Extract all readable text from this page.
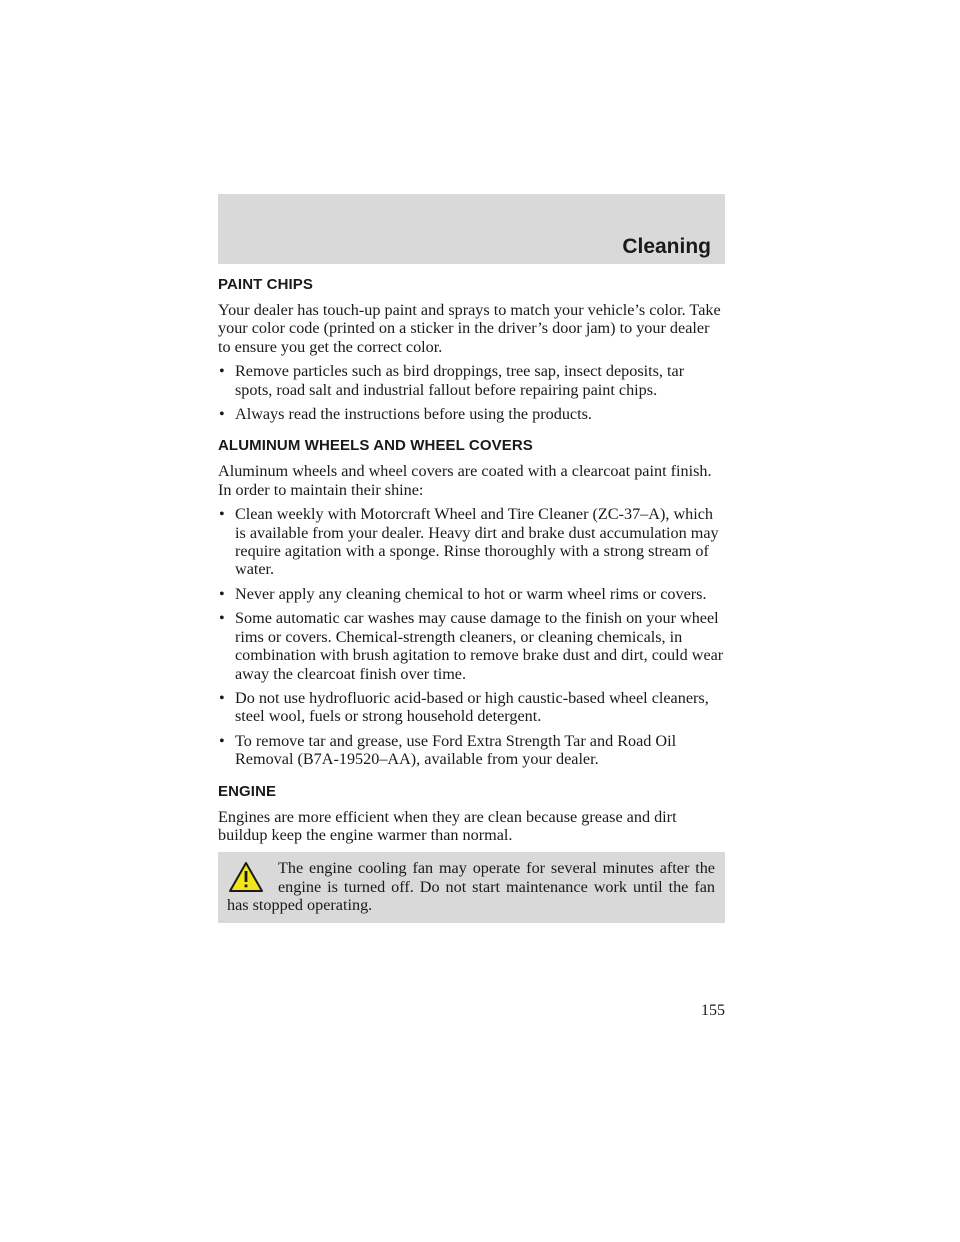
Cleaning
PAINT CHIPS

Your dealer has touch-up paint and sprays to match your vehicle’s color. Take your color code (printed on a sticker in the driver’s door jam) to your dealer to ensure you get the correct color.

• Remove particles such as bird droppings, tree sap, insect deposits, tar spots, road salt and industrial fallout before repairing paint chips.
• Always read the instructions before using the products.
ALUMINUM WHEELS AND WHEEL COVERS

Aluminum wheels and wheel covers are coated with a clearcoat paint finish. In order to maintain their shine:

• Clean weekly with Motorcraft Wheel and Tire Cleaner (ZC-37–A), which is available from your dealer. Heavy dirt and brake dust accumulation may require agitation with a sponge. Rinse thoroughly with a strong stream of water.
• Never apply any cleaning chemical to hot or warm wheel rims or covers.
• Some automatic car washes may cause damage to the finish on your wheel rims or covers. Chemical-strength cleaners, or cleaning chemicals, in combination with brush agitation to remove brake dust and dirt, could wear away the clearcoat finish over time.
• Do not use hydrofluoric acid-based or high caustic-based wheel cleaners, steel wool, fuels or strong household detergent.
• To remove tar and grease, use Ford Extra Strength Tar and Road Oil Removal (B7A-19520–AA), available from your dealer.
ENGINE

Engines are more efficient when they are clean because grease and dirt buildup keep the engine warmer than normal.

The engine cooling fan may operate for several minutes after the engine is turned off. Do not start maintenance work until the fan has stopped operating.
155
